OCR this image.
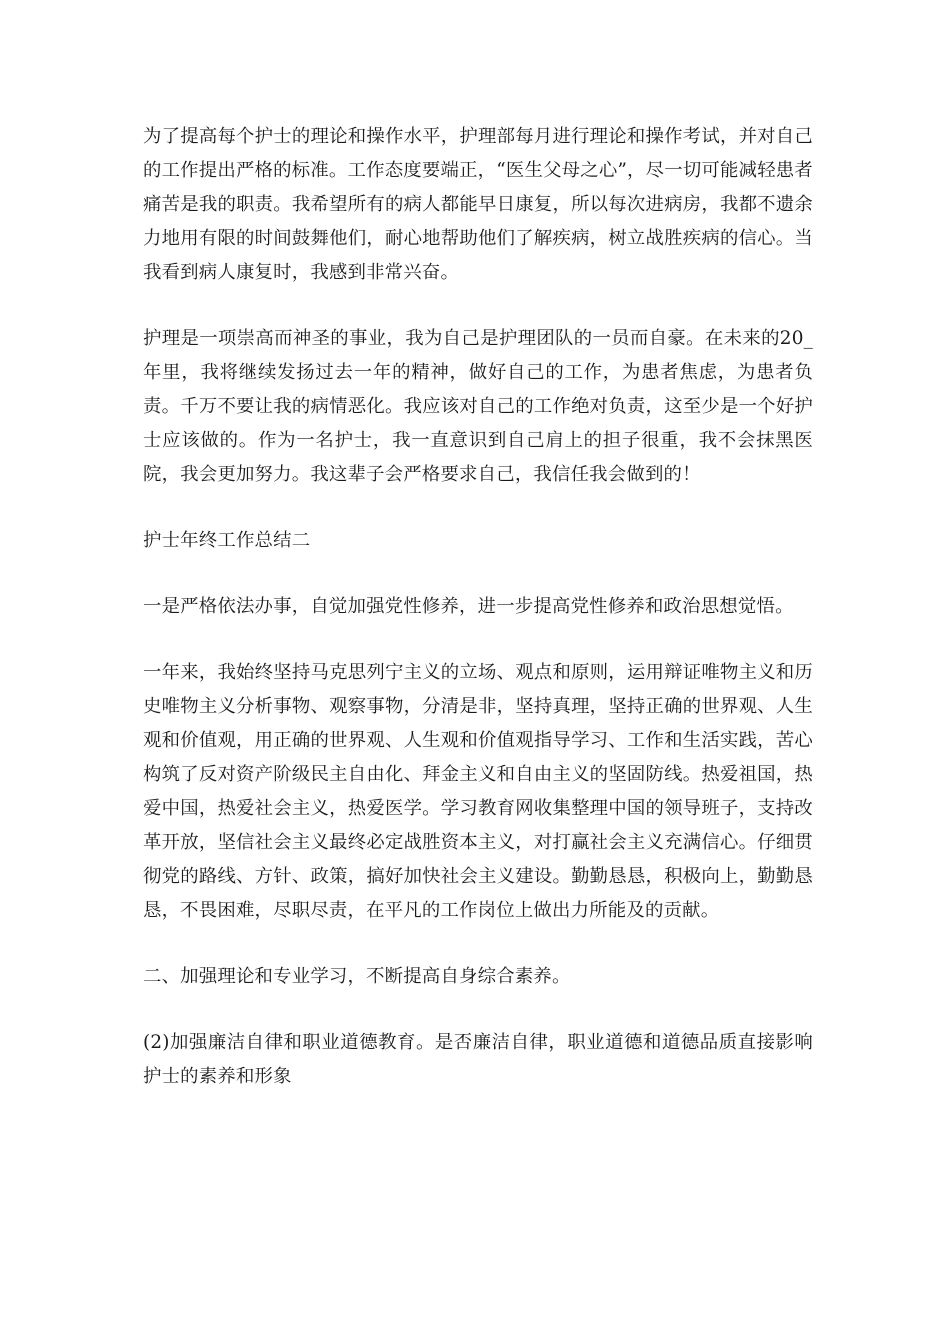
为了提高每个护士的理论和操作水平，护理部每月进行理论和操作考试，并对自己的工作提出严格的标准。工作态度要端正，“医生父母之心”，尽一切可能减轻患者痛苦是我的职责。我希望所有的病人都能早日康复，所以每次进病房，我都不遗余力地用有限的时间鼓舞他们，耐心地帮助他们了解疾病，树立战胜疾病的信心。当我看到病人康复时，我感到非常兴奋。

护理是一项崇高而神圣的事业，我为自己是护理团队的一员而自豪。在未来的20_年里，我将继续发扬过去一年的精神，做好自己的工作，为患者焦虑，为患者负责。千万不要让我的病情恶化。我应该对自己的工作绝对负责，这至少是一个好护士应该做的。作为一名护士，我一直意识到自己肩上的担子很重，我不会抹黑医院，我会更加努力。我这辈子会严格要求自己，我信任我会做到的！

护士年终工作总结二

一是严格依法办事，自觉加强党性修养，进一步提高党性修养和政治思想觉悟。

一年来，我始终坚持马克思列宁主义的立场、观点和原则，运用辩证唯物主义和历史唯物主义分析事物、观察事物，分清是非，坚持真理，坚持正确的世界观、人生观和价值观，用正确的世界观、人生观和价值观指导学习、工作和生活实践，苦心构筑了反对资产阶级民主自由化、拜金主义和自由主义的坚固防线。热爱祖国，热爱中国，热爱社会主义，热爱医学。学习教育网收集整理中国的领导班子，支持改革开放，坚信社会主义最终必定战胜资本主义，对打赢社会主义充满信心。仔细贯彻党的路线、方针、政策，搞好加快社会主义建设。勤勤恳恳，积极向上，勤勤恳恳，不畏困难，尽职尽责，在平凡的工作岗位上做出力所能及的贡献。

二、加强理论和专业学习，不断提高自身综合素养。

(2)加强廉洁自律和职业道德教育。是否廉洁自律，职业道德和道德品质直接影响护士的素养和形象
